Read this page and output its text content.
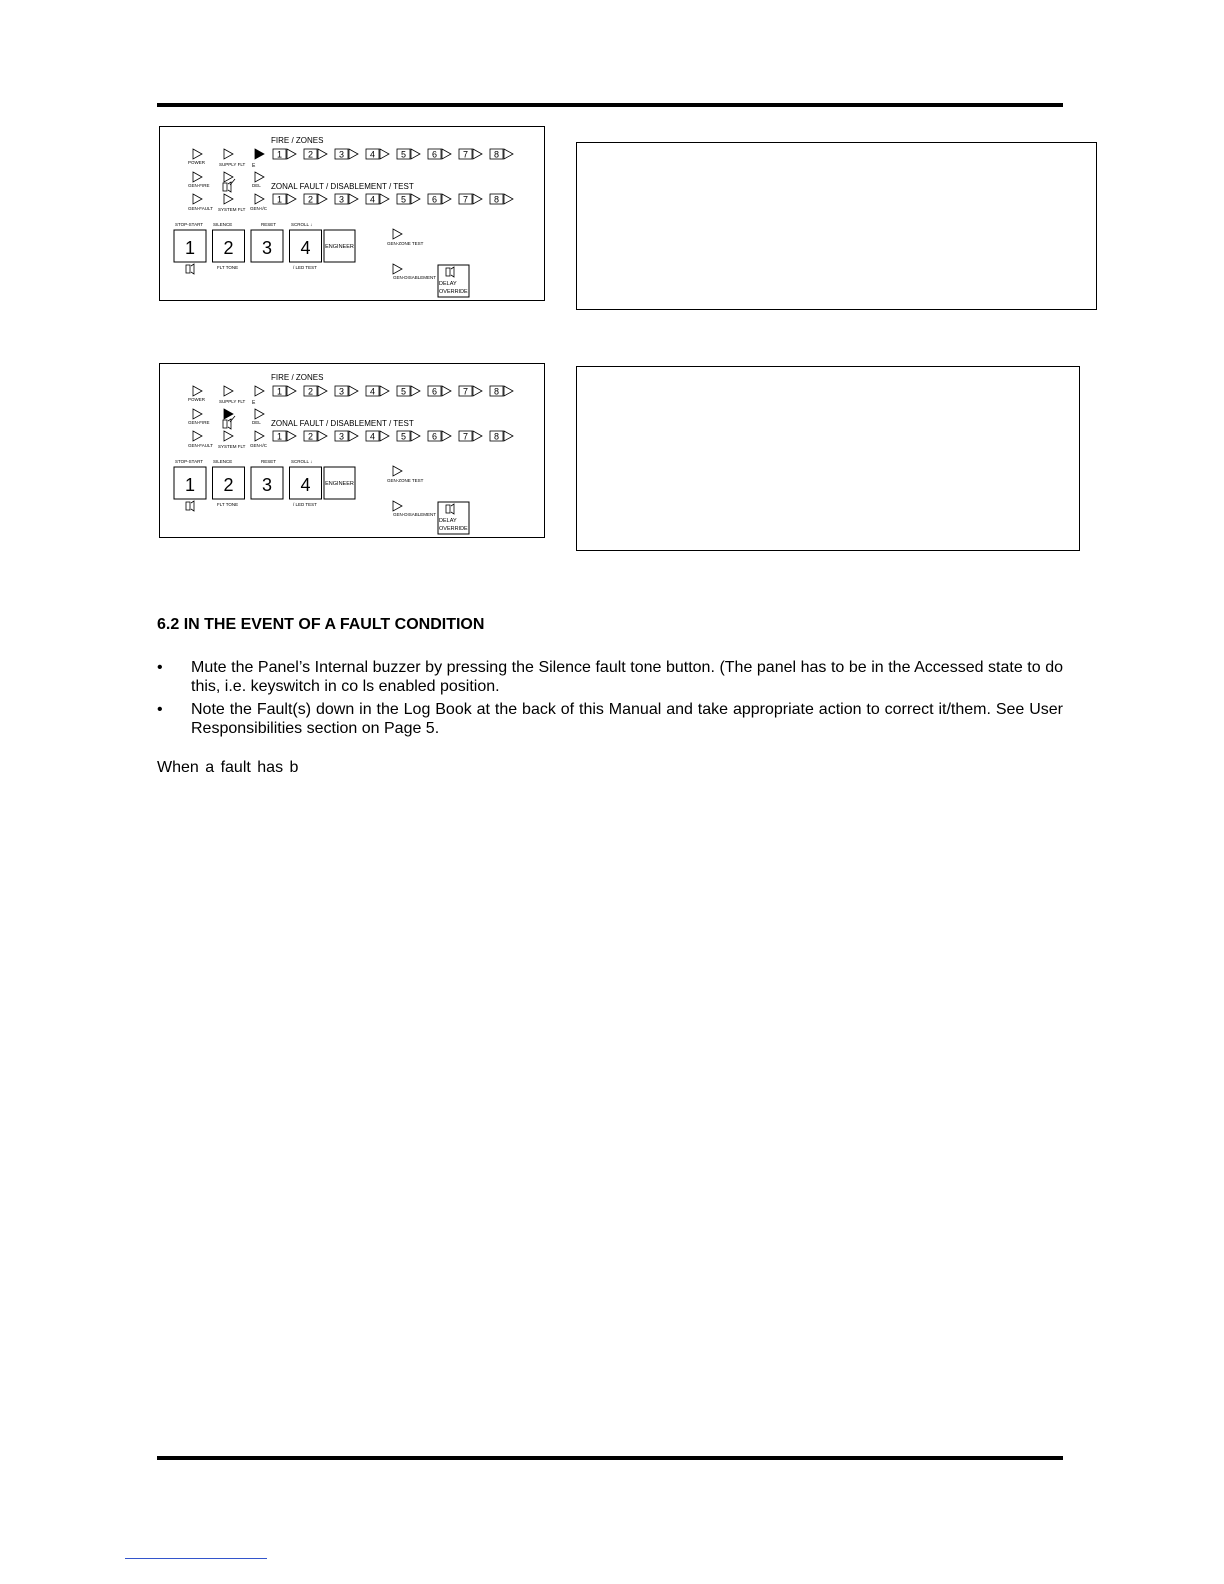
FIRE / ZONES
POWER	SUPPLY FLT E
1	2	3	4	5	6	7	8
GEN-FIRE	DEL ZONAL FAULT / DISABLEMENT / TEST
1	2	3	4	5	6	7	8
GEN-FAULT SYSTEM FLT GEN-I/C
STOP-START SILENCE	RESET	SCROLL ↓
1 2 3 4	ENGINEER
FLT TONE	/ LED TEST
GEN-ZONE TEST
GEN-DISABLEMENT
DELAY
OVERRIDE
FIRE / ZONES
POWER	SUPPLY FLT E
1	2	3	4	5	6	7	8
GEN-FIRE	DEL ZONAL FAULT / DISABLEMENT / TEST
1	2	3	4	5	6	7	8
GEN-FAULT SYSTEM FLT GEN-I/C
STOP-START SILENCE	RESET	SCROLL ↓
1 2 3 4	ENGINEER
FLT TONE	/ LED TEST
GEN-ZONE TEST
GEN-DISABLEMENT
DELAY
OVERRIDE
6.2 IN THE EVENT OF A FAULT CONDITION
• Mute the Panel’s Internal buzzer by pressing the Silence fault tone button. (The panel has to be in the Accessed state to do this, i.e. keyswitch in co ls enabled position.
• Note the Fault(s) down in the Log Book at the back of this Manual and take appropriate action to correct it/them. See User Responsibilities section on Page 5.
When a fault has b
